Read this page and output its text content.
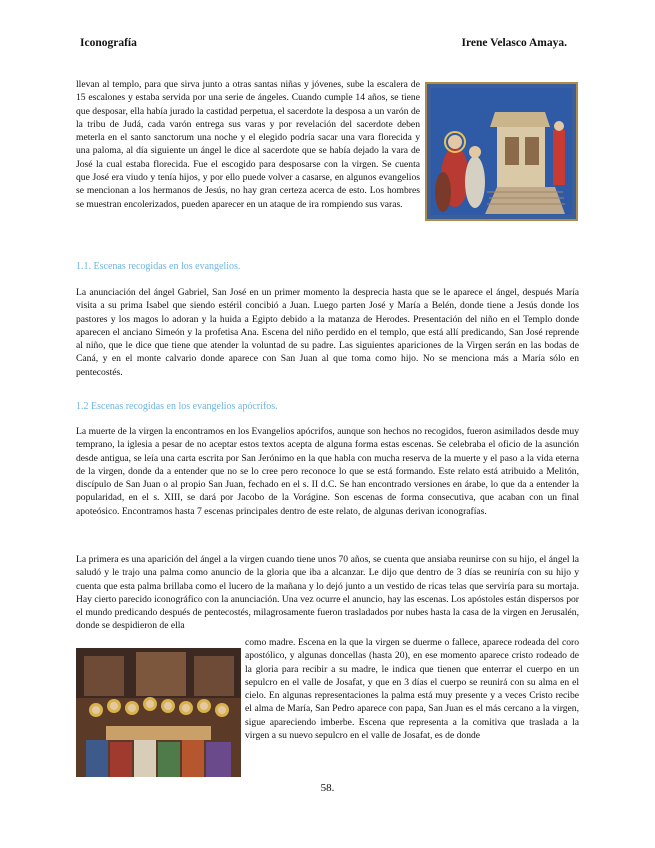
Iconografía	Irene Velasco Amaya.

llevan al templo, para que sirva junto a otras santas niñas y jóvenes, sube la escalera de 15 escalones y estaba servida por una serie de ángeles. Cuando cumple 14 años, se tiene que desposar, ella había jurado la castidad perpetua, el sacerdote la desposa a un varón de la tribu de Judá, cada varón entrega sus varas y por revelación del sacerdote deben meterla en el santo sanctorum una noche y el elegido podría sacar una vara florecida y una paloma, al día siguiente un ángel le dice al sacerdote que se había dejado la vara de José la cual estaba florecida. Fue el escogido para desposarse con la virgen. Se cuenta que José era viudo y tenía hijos, y por ello puede volver a casarse, en algunos evangelios se mencionan a los hermanos de Jesús, no hay gran certeza acerca de esto. Los hombres se muestran encolerizados, pueden aparecer en un ataque de ira rompiendo sus varas.

1.1. Escenas recogidas en los evangelios.

La anunciación del ángel Gabriel, San José en un primer momento la desprecia hasta que se le aparece el ángel, después María visita a su prima Isabel que siendo estéril concibió a Juan. Luego parten José y María a Belén, donde tiene a Jesús donde los pastores y los magos lo adoran y la huida a Egipto debido a la matanza de Herodes. Presentación del niño en el Templo donde aparecen el anciano Simeón y la profetisa Ana. Escena del niño perdido en el templo, que está allí predicando, San José reprende al niño, que le dice que tiene que atender la voluntad de su padre. Las siguientes apariciones de la Virgen serán en las bodas de Caná, y en el monte calvario donde aparece con San Juan al que toma como hijo. No se menciona más a María sólo en pentecostés.

1.2 Escenas recogidas en los evangelios apócrifos.

La muerte de la virgen la encontramos en los Evangelios apócrifos, aunque son hechos no recogidos, fueron asimilados desde muy temprano, la iglesia a pesar de no aceptar estos textos acepta de alguna forma estas escenas. Se celebraba el oficio de la asunción desde antigua, se leía una carta escrita por San Jerónimo en la que habla con mucha reserva de la muerte y el paso a la vida eterna de la virgen, donde da a entender que no se lo cree pero reconoce lo que se está formando. Este relato está atribuido a Melitón, discípulo de San Juan o al propio San Juan, fechado en el s. II d.C. Se han encontrado versiones en árabe, lo que da a entender la popularidad, en el s. XIII, se dará por Jacobo de la Vorágine. Son escenas de forma consecutiva, que acaban con un final apoteósico. Encontramos hasta 7 escenas principales dentro de este relato, de algunas derivan iconografías.

La primera es una aparición del ángel a la virgen cuando tiene unos 70 años, se cuenta que ansiaba reunirse con su hijo, el ángel la saludó y le trajo una palma como anuncio de la gloria que iba a alcanzar. Le dijo que dentro de 3 días se reuniría con su hijo y cuenta que esta palma brillaba como el lucero de la mañana y lo dejó junto a un vestido de ricas telas que serviría para su mortaja. Hay cierto parecido iconográfico con la anunciación. Una vez ocurre el anuncio, hay las escenas. Los apóstoles están dispersos por el mundo predicando después de pentecostés, milagrosamente fueron trasladados por nubes hasta la casa de la virgen en Jerusalén, donde se despidieron de ella

como madre. Escena en la que la virgen se duerme o fallece, aparece rodeada del coro apostólico, y algunas doncellas (hasta 20), en ese momento aparece cristo rodeado de la gloria para recibir a su madre, le indica que tienen que enterrar el cuerpo en un sepulcro en el valle de Josafat, y que en 3 días el cuerpo se reunirá con su alma en el cielo. En algunas representaciones la palma está muy presente y a veces Cristo recibe el alma de María, San Pedro aparece con papa, San Juan es el más cercano a la virgen, sigue apareciendo imberbe. Escena que representa a la comitiva que traslada a la virgen a su nuevo sepulcro en el valle de Josafat, es de donde

58.
